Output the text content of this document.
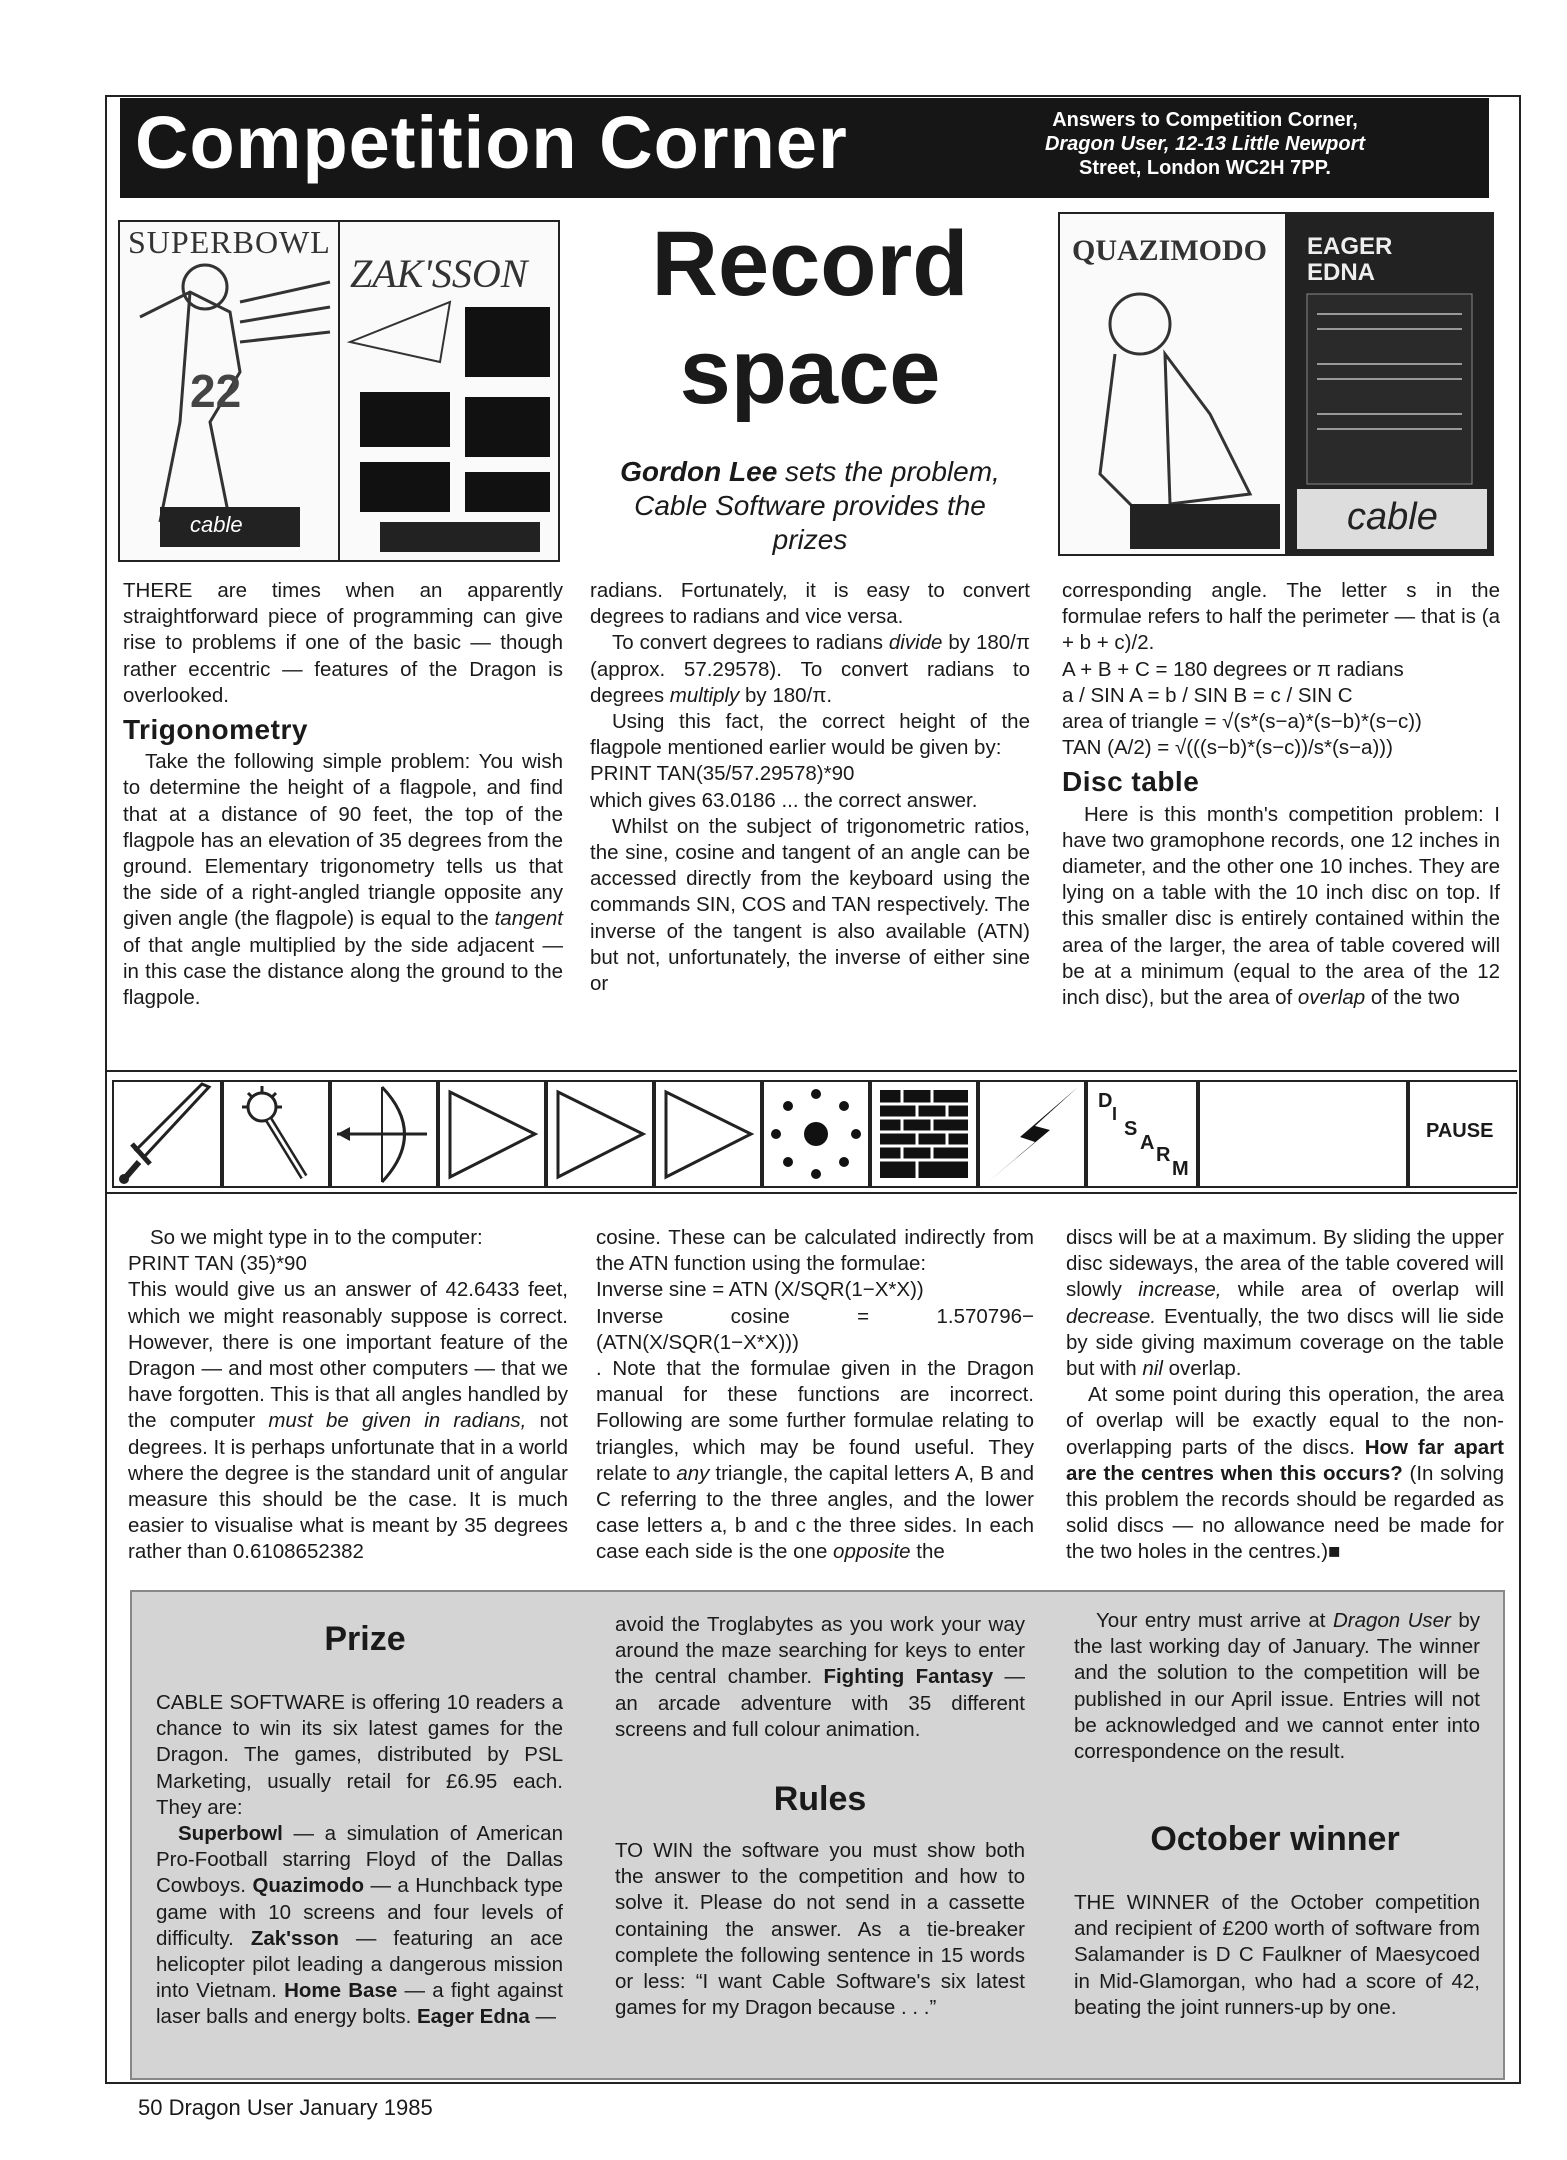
Competition Corner	Answers to Competition Corner,
Dragon User, 12-13 Little Newport
Street, London WC2H 7PP.
22
SUPERBOWL
cable
ZAK'SSON	Record
space
Gordon Lee sets the problem,
Cable Software provides the
prizes
QUAZIMODO EAGER EDNA
cable

THERE are times when an apparently straightforward piece of programming can give rise to problems if one of the basic — though rather eccentric — features of the Dragon is overlooked.

Trigonometry

Take the following simple problem: You wish to determine the height of a flagpole, and find that at a distance of 90 feet, the top of the flagpole has an elevation of 35 degrees from the ground. Elementary trigonometry tells us that the side of a right-angled triangle opposite any given angle (the flagpole) is equal to the tangent of that angle multiplied by the side adjacent — in this case the distance along the ground to the flagpole.

radians. Fortunately, it is easy to convert degrees to radians and vice versa.

To convert degrees to radians divide by 180/π (approx. 57.29578). To convert radians to degrees multiply by 180/π.

Using this fact, the correct height of the flagpole mentioned earlier would be given by:

PRINT TAN(35/57.29578)*90

which gives 63.0186 ... the correct answer.

Whilst on the subject of trigonometric ratios, the sine, cosine and tangent of an angle can be accessed directly from the keyboard using the commands SIN, COS and TAN respectively. The inverse of the tangent is also available (ATN) but not, unfortunately, the inverse of either sine or

corresponding angle. The letter s in the formulae refers to half the perimeter — that is (a + b + c)/2.

A + B + C = 180 degrees or π radians

a / SIN A = b / SIN B = c / SIN C

area of triangle = √(s*(s−a)*(s−b)*(s−c))

TAN (A/2) = √(((s−b)*(s−c))/s*(s−a)))

Disc table

Here is this month's competition problem: I have two gramophone records, one 12 inches in diameter, and the other one 10 inches. They are lying on a table with the 10 inch disc on top. If this smaller disc is entirely contained within the area of the larger, the area of table covered will be at a minimum (equal to the area of the 12 inch disc), but the area of overlap of the two

D
I
S
A
R
M
PAUSE

So we might type in to the computer:

PRINT TAN (35)*90

This would give us an answer of 42.6433 feet, which we might reasonably suppose is correct. However, there is one important feature of the Dragon — and most other computers — that we have forgotten. This is that all angles handled by the computer must be given in radians, not degrees. It is perhaps unfortunate that in a world where the degree is the standard unit of angular measure this should be the case. It is much easier to visualise what is meant by 35 degrees rather than 0.6108652382

cosine. These can be calculated indirectly from the ATN function using the formulae:

Inverse sine = ATN (X/SQR(1−X*X))

Inverse cosine = 1.570796−(ATN(X/SQR(1−X*X)))

. Note that the formulae given in the Dragon manual for these functions are incorrect. Following are some further formulae relating to triangles, which may be found useful. They relate to any triangle, the capital letters A, B and C referring to the three angles, and the lower case letters a, b and c the three sides. In each case each side is the one opposite the

discs will be at a maximum. By sliding the upper disc sideways, the area of the table covered will slowly increase, while area of overlap will decrease. Eventually, the two discs will lie side by side giving maximum coverage on the table but with nil overlap.

At some point during this operation, the area of overlap will be exactly equal to the non-overlapping parts of the discs. How far apart are the centres when this occurs? (In solving this problem the records should be regarded as solid discs — no allowance need be made for the two holes in the centres.)■

Prize

CABLE SOFTWARE is offering 10 readers a chance to win its six latest games for the Dragon. The games, distributed by PSL Marketing, usually retail for £6.95 each. They are:

Superbowl — a simulation of American Pro-Football starring Floyd of the Dallas Cowboys. Quazimodo — a Hunchback type game with 10 screens and four levels of difficulty. Zak'sson — featuring an ace helicopter pilot leading a dangerous mission into Vietnam. Home Base — a fight against laser balls and energy bolts. Eager Edna —

avoid the Troglabytes as you work your way around the maze searching for keys to enter the central chamber. Fighting Fantasy — an arcade adventure with 35 different screens and full colour animation.

Rules

TO WIN the software you must show both the answer to the competition and how to solve it. Please do not send in a cassette containing the answer. As a tie-breaker complete the following sentence in 15 words or less: “I want Cable Software's six latest games for my Dragon because . . .”

Your entry must arrive at Dragon User by the last working day of January. The winner and the solution to the competition will be published in our April issue. Entries will not be acknowledged and we cannot enter into correspondence on the result.

October winner

THE WINNER of the October competition and recipient of £200 worth of software from Salamander is D C Faulkner of Maesycoed in Mid-Glamorgan, who had a score of 42, beating the joint runners-up by one.

50 Dragon User January 1985
